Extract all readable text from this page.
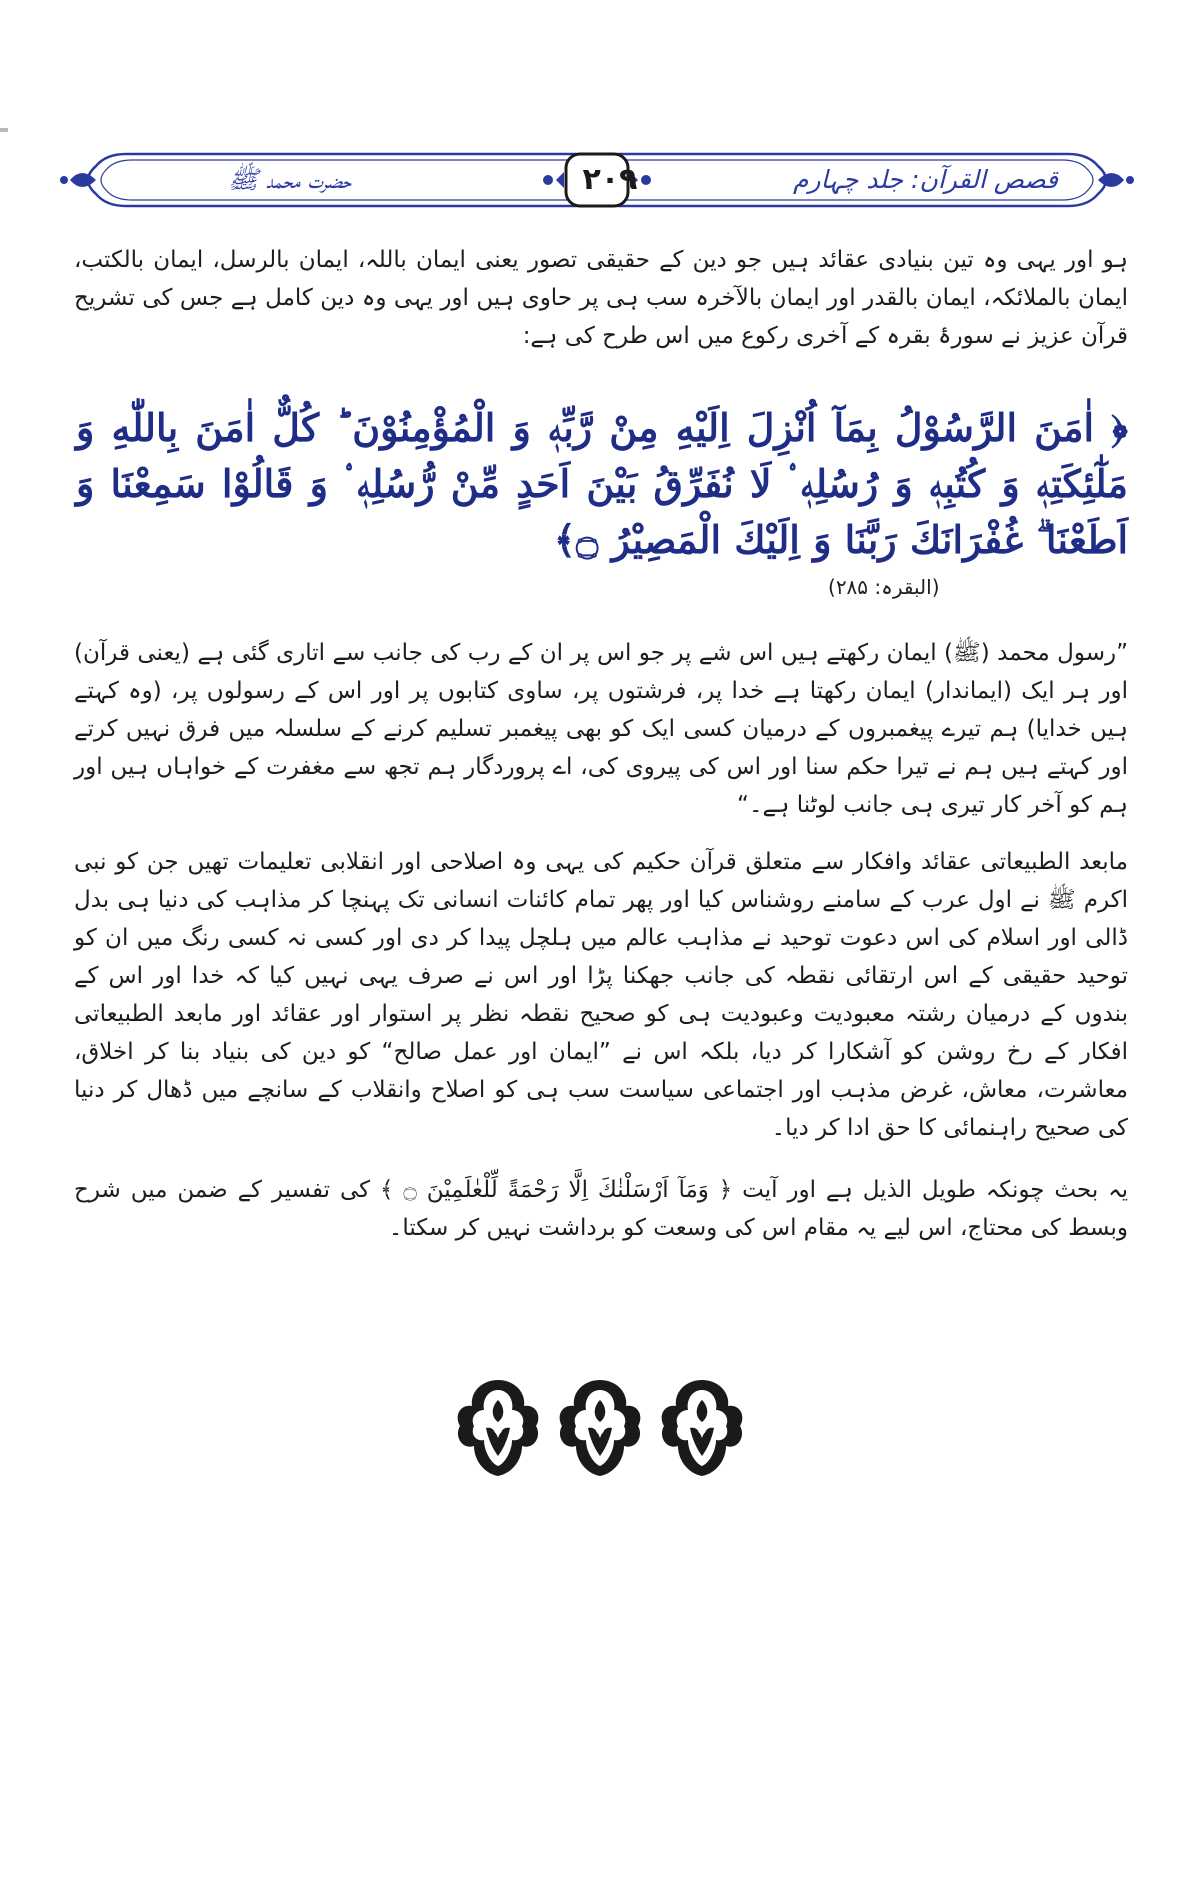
قصص القرآن: جلد چہارم
۲۰۹
حضرت محمد ﷺ

ہو اور یہی وہ تین بنیادی عقائد ہیں جو دین کے حقیقی تصور یعنی ایمان باللہ، ایمان بالرسل، ایمان بالکتب، ایمان بالملائکہ، ایمان بالقدر اور ایمان بالآخرہ سب ہی پر حاوی ہیں اور یہی وہ دین کامل ہے جس کی تشریح قرآن عزیز نے سورۂ بقرہ کے آخری رکوع میں اس طرح کی ہے:

﴿ اٰمَنَ الرَّسُوْلُ بِمَآ اُنْزِلَ اِلَيْهِ مِنْ رَّبِّهٖ وَ الْمُؤْمِنُوْنَ ؕ كُلٌّ اٰمَنَ بِاللّٰهِ وَ مَلٰٓئِكَتِهٖ وَ كُتُبِهٖ وَ رُسُلِهٖ ۟ لَا نُفَرِّقُ بَيْنَ اَحَدٍ مِّنْ رُّسُلِهٖ ۟ وَ قَالُوْا سَمِعْنَا وَ اَطَعْنَا ۗ غُفْرَانَكَ رَبَّنَا وَ اِلَيْكَ الْمَصِيْرُ ۝﴾
(البقرہ: ۲۸۵)

”رسول محمد (ﷺ) ایمان رکھتے ہیں اس شے پر جو اس پر ان کے رب کی جانب سے اتاری گئی ہے (یعنی قرآن) اور ہر ایک (ایماندار) ایمان رکھتا ہے خدا پر، فرشتوں پر، ساوی کتابوں پر اور اس کے رسولوں پر، (وہ کہتے ہیں خدایا) ہم تیرے پیغمبروں کے درمیان کسی ایک کو بھی پیغمبر تسلیم کرنے کے سلسلہ میں فرق نہیں کرتے اور کہتے ہیں ہم نے تیرا حکم سنا اور اس کی پیروی کی، اے پروردگار ہم تجھ سے مغفرت کے خواہاں ہیں اور ہم کو آخر کار تیری ہی جانب لوٹنا ہے۔“

مابعد الطبیعاتی عقائد وافکار سے متعلق قرآن حکیم کی یہی وہ اصلاحی اور انقلابی تعلیمات تھیں جن کو نبی اکرم ﷺ نے اول عرب کے سامنے روشناس کیا اور پھر تمام کائنات انسانی تک پہنچا کر مذاہب کی دنیا ہی بدل ڈالی اور اسلام کی اس دعوت توحید نے مذاہب عالم میں ہلچل پیدا کر دی اور کسی نہ کسی رنگ میں ان کو توحید حقیقی کے اس ارتقائی نقطہ کی جانب جھکنا پڑا اور اس نے صرف یہی نہیں کیا کہ خدا اور اس کے بندوں کے درمیان رشتہ معبودیت وعبودیت ہی کو صحیح نقطہ نظر پر استوار اور عقائد اور مابعد الطبیعاتی افکار کے رخ روشن کو آشکارا کر دیا، بلکہ اس نے ”ایمان اور عمل صالح“ کو دین کی بنیاد بنا کر اخلاق، معاشرت، معاش، غرض مذہب اور اجتماعی سیاست سب ہی کو اصلاح وانقلاب کے سانچے میں ڈھال کر دنیا کی صحیح راہنمائی کا حق ادا کر دیا۔

یہ بحث چونکہ طویل الذیل ہے اور آیت ﴿ وَمَآ اَرْسَلْنٰكَ اِلَّا رَحْمَةً لِّلْعٰلَمِيْنَ ۝ ﴾ کی تفسیر کے ضمن میں شرح وبسط کی محتاج، اس لیے یہ مقام اس کی وسعت کو برداشت نہیں کر سکتا۔
